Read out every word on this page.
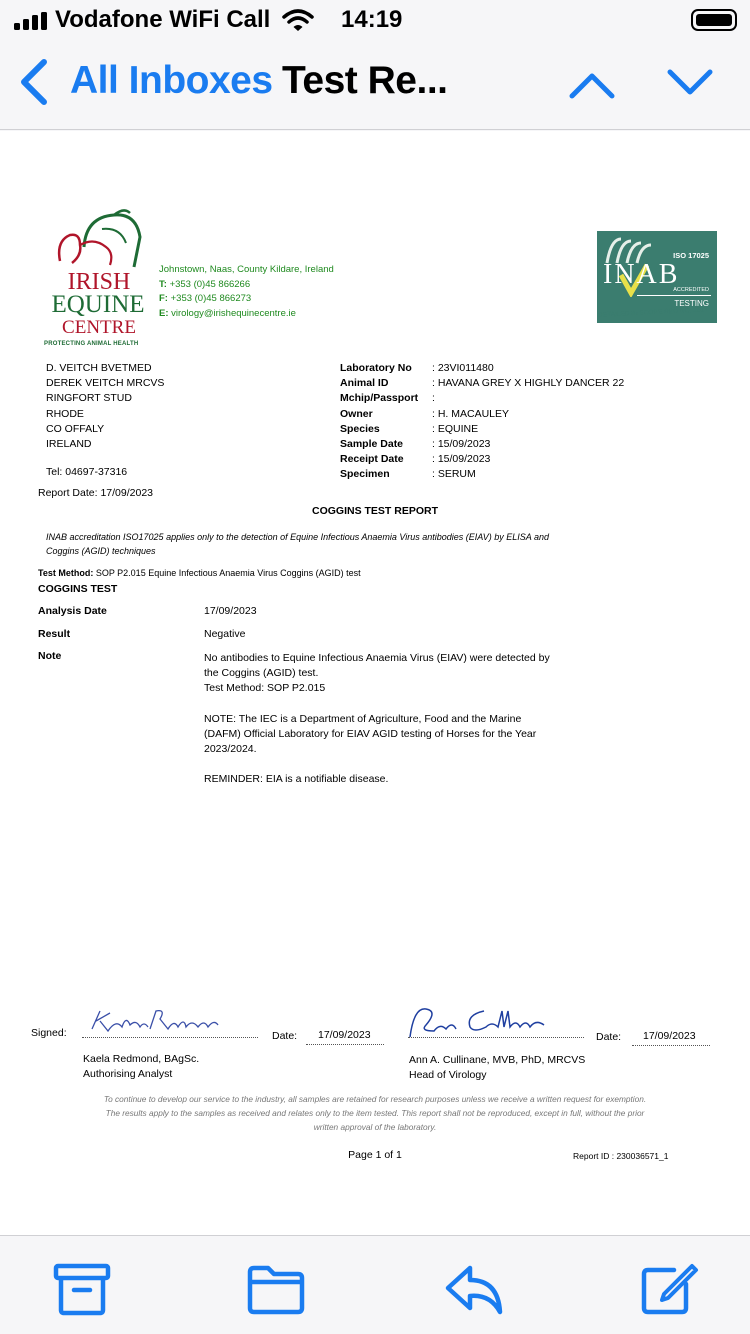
Vodafone WiFi Call	14:19
All Inboxes Test Re...
IRISH
EQUINE
CENTRE
PROTECTING ANIMAL HEALTH
Johnstown, Naas, County Kildare, Ireland
T: +353 (0)45 866266
F: +353 (0)45 866273
E: virology@irishequinecentre.ie
ISO 17025
INAB
ACCREDITED
TESTING
DETAILED IN SCOPE REG NO. 151T
D. VEITCH BVETMED
DEREK VEITCH MRCVS
RINGFORT STUD
RHODE
CO OFFALY
IRELAND
Tel: 04697-37316
Report Date: 17/09/2023
Laboratory No	: 23VI011480
Animal ID	: HAVANA GREY X HIGHLY DANCER 22
Mchip/Passport	:
Owner	: H. MACAULEY
Species	: EQUINE
Sample Date	: 15/09/2023
Receipt Date	: 15/09/2023
Specimen	: SERUM
COGGINS TEST REPORT
INAB accreditation ISO17025 applies only to the detection of Equine Infectious Anaemia Virus antibodies (EIAV) by ELISA and
Coggins (AGID) techniques
Test Method: SOP P2.015 Equine Infectious Anaemia Virus Coggins (AGID) test
COGGINS TEST
Analysis Date	17/09/2023
Result	Negative
Note	No antibodies to Equine Infectious Anaemia Virus (EIAV) were detected by
the Coggins (AGID) test.
Test Method: SOP P2.015
NOTE: The IEC is a Department of Agriculture, Food and the Marine
(DAFM) Official Laboratory for EIAV AGID testing of Horses for the Year
2023/2024.
REMINDER: EIA is a notifiable disease.
Signed:	Date: 17/09/2023
Kaela Redmond, BAgSc.
Authorising Analyst
Date: 17/09/2023
Ann A. Cullinane, MVB, PhD, MRCVS
Head of Virology
To continue to develop our service to the industry, all samples are retained for research purposes unless we receive a written request for exemption.
The results apply to the samples as received and relates only to the item tested. This report shall not be reproduced, except in full, without the prior
written approval of the laboratory.
Page 1 of 1	Report ID : 230036571_1
